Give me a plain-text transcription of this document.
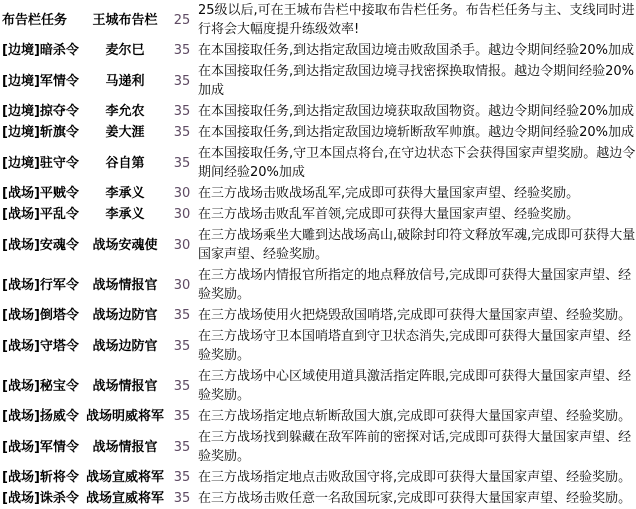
布告栏任务	王城布告栏	25	25级以后,可在王城布告栏中接取布告栏任务。布告栏任务与主、支线同时进行将会大幅度提升练级效率!
[边境]暗杀令	麦尔巳	35	在本国接取任务,到达指定敌国边境击败敌国杀手。越边令期间经验20%加成
[边境]军情令	马递利	35	在本国接取任务,到达指定敌国边境寻找密探换取情报。越边令期间经验20%加成
[边境]掠夺令	李允农	35	在本国接取任务,到达指定敌国边境获取敌国物资。越边令期间经验20%加成
[边境]斩旗令	姜大涯	35	在本国接取任务,到达指定敌国边境斩断敌军帅旗。越边令期间经验20%加成
[边境]驻守令	谷自第	35	在本国接取任务,守卫本国点将台,在守边状态下会获得国家声望奖励。越边令期间经验20%加成
[战场]平贼令	李承义	30	在三方战场击败战场乱军,完成即可获得大量国家声望、经验奖励。
[战场]平乱令	李承义	30	在三方战场击败乱军首领,完成即可获得大量国家声望、经验奖励。
[战场]安魂令	战场安魂使	30	在三方战场乘坐大雕到达战场高山,破除封印符文释放军魂,完成即可获得大量国家声望、经验奖励。
[战场]行军令	战场情报官	30	在三方战场内情报官所指定的地点释放信号,完成即可获得大量国家声望、经验奖励。
[战场]倒塔令	战场边防官	35	在三方战场使用火把烧毁敌国哨塔,完成即可获得大量国家声望、经验奖励。
[战场]守塔令	战场边防官	35	在三方战场守卫本国哨塔直到守卫状态消失,完成即可获得大量国家声望、经验奖励。
[战场]秘宝令	战场情报官	35	在三方战场中心区域使用道具激活指定阵眼,完成即可获得大量国家声望、经验奖励。
[战场]扬威令	战场明威将军	35	在三方战场指定地点斩断敌国大旗,完成即可获得大量国家声望、经验奖励。
[战场]军情令	战场情报官	35	在三方战场找到躲藏在敌军阵前的密探对话,完成即可获得大量国家声望、经验奖励。
[战场]斩将令	战场宣威将军	35	在三方战场指定地点击败敌国守将,完成即可获得大量国家声望、经验奖励。
[战场]诛杀令	战场宣威将军	35	在三方战场击败任意一名敌国玩家,完成即可获得大量国家声望、经验奖励。
